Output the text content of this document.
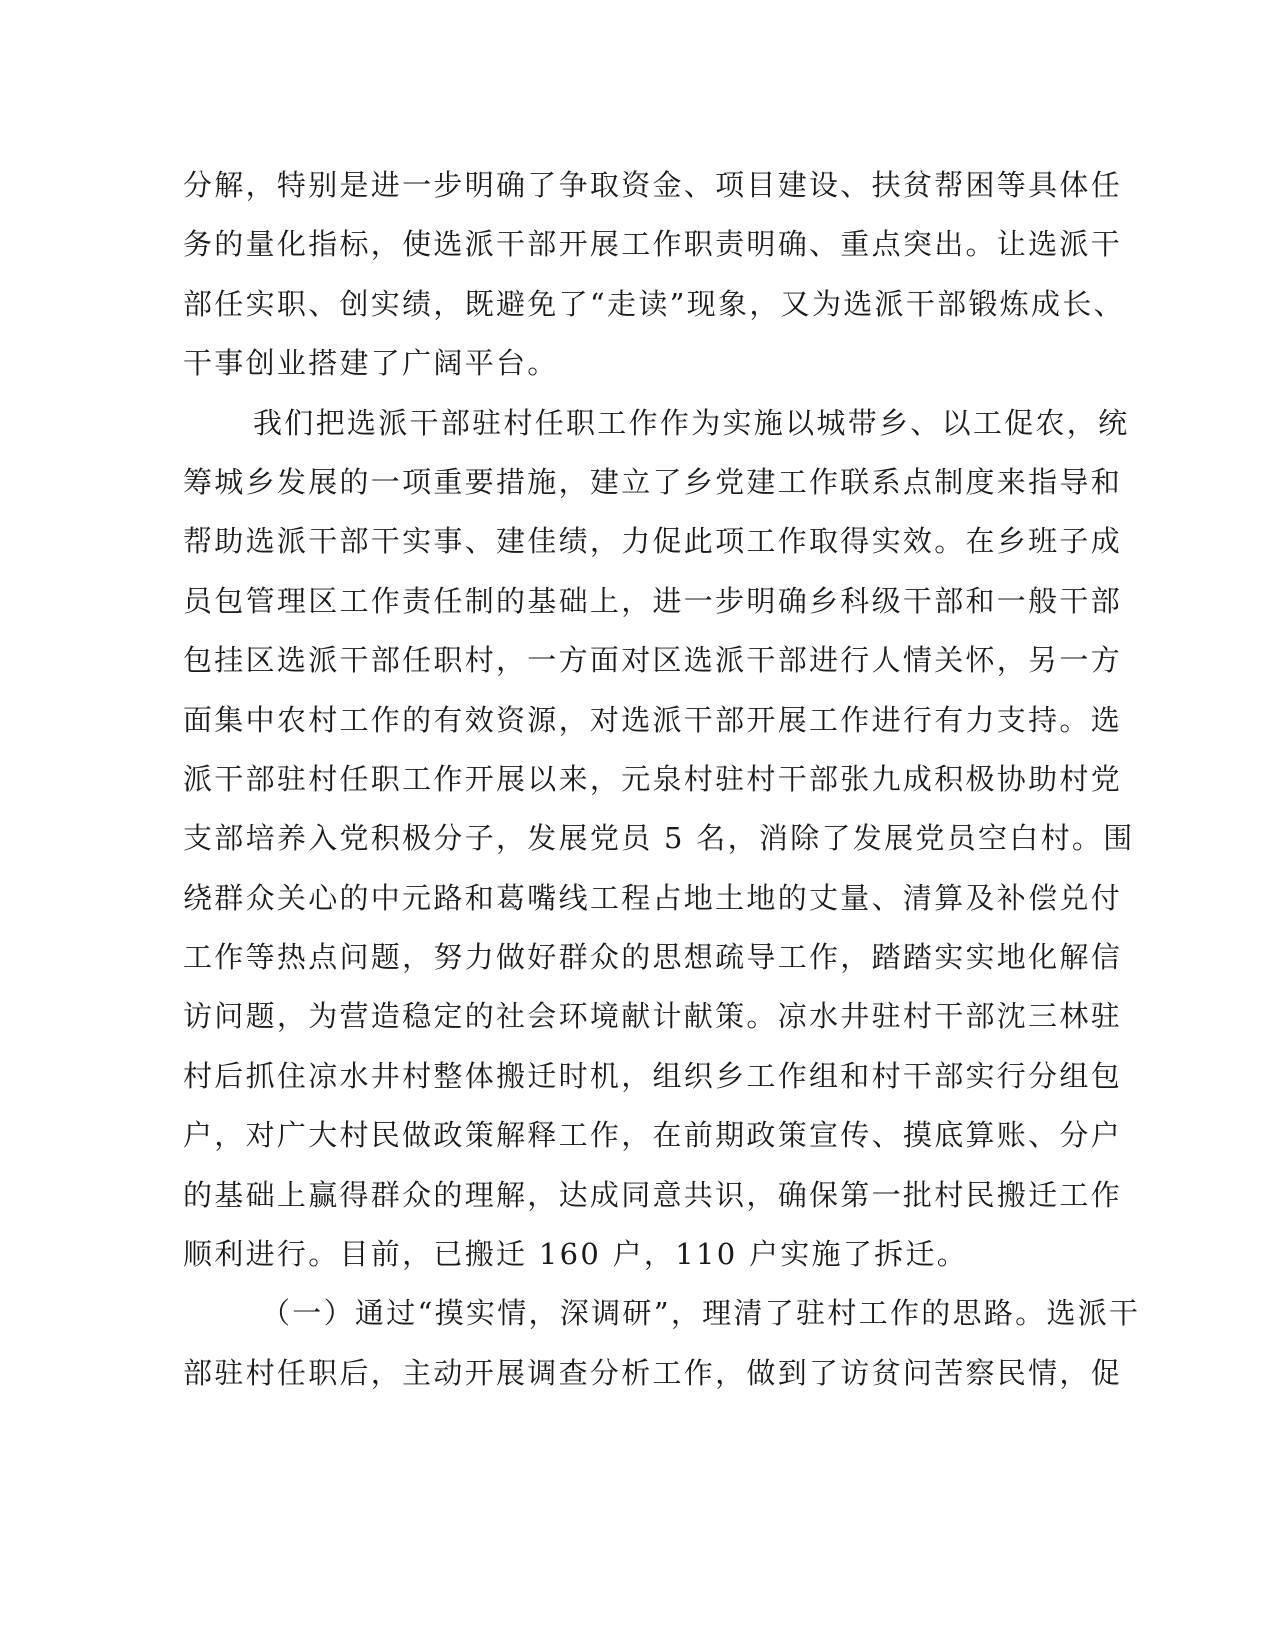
分解，特别是进一步明确了争取资金、项目建设、扶贫帮困等具体任
务的量化指标，使选派干部开展工作职责明确、重点突出。让选派干
部任实职、创实绩，既避免了“走读”现象，又为选派干部锻炼成长、
干事创业搭建了广阔平台。
我们把选派干部驻村任职工作作为实施以城带乡、以工促农，统
筹城乡发展的一项重要措施，建立了乡党建工作联系点制度来指导和
帮助选派干部干实事、建佳绩，力促此项工作取得实效。在乡班子成
员包管理区工作责任制的基础上，进一步明确乡科级干部和一般干部
包挂区选派干部任职村，一方面对区选派干部进行人情关怀，另一方
面集中农村工作的有效资源，对选派干部开展工作进行有力支持。选
派干部驻村任职工作开展以来，元泉村驻村干部张九成积极协助村党
支部培养入党积极分子，发展党员 5 名，消除了发展党员空白村。围
绕群众关心的中元路和葛嘴线工程占地土地的丈量、清算及补偿兑付
工作等热点问题，努力做好群众的思想疏导工作，踏踏实实地化解信
访问题，为营造稳定的社会环境献计献策。凉水井驻村干部沈三林驻
村后抓住凉水井村整体搬迁时机，组织乡工作组和村干部实行分组包
户，对广大村民做政策解释工作，在前期政策宣传、摸底算账、分户
的基础上赢得群众的理解，达成同意共识，确保第一批村民搬迁工作
顺利进行。目前，已搬迁 160 户，110 户实施了拆迁。
（一）通过“摸实情，深调研”，理清了驻村工作的思路。选派干
部驻村任职后，主动开展调查分析工作，做到了访贫问苦察民情，促
